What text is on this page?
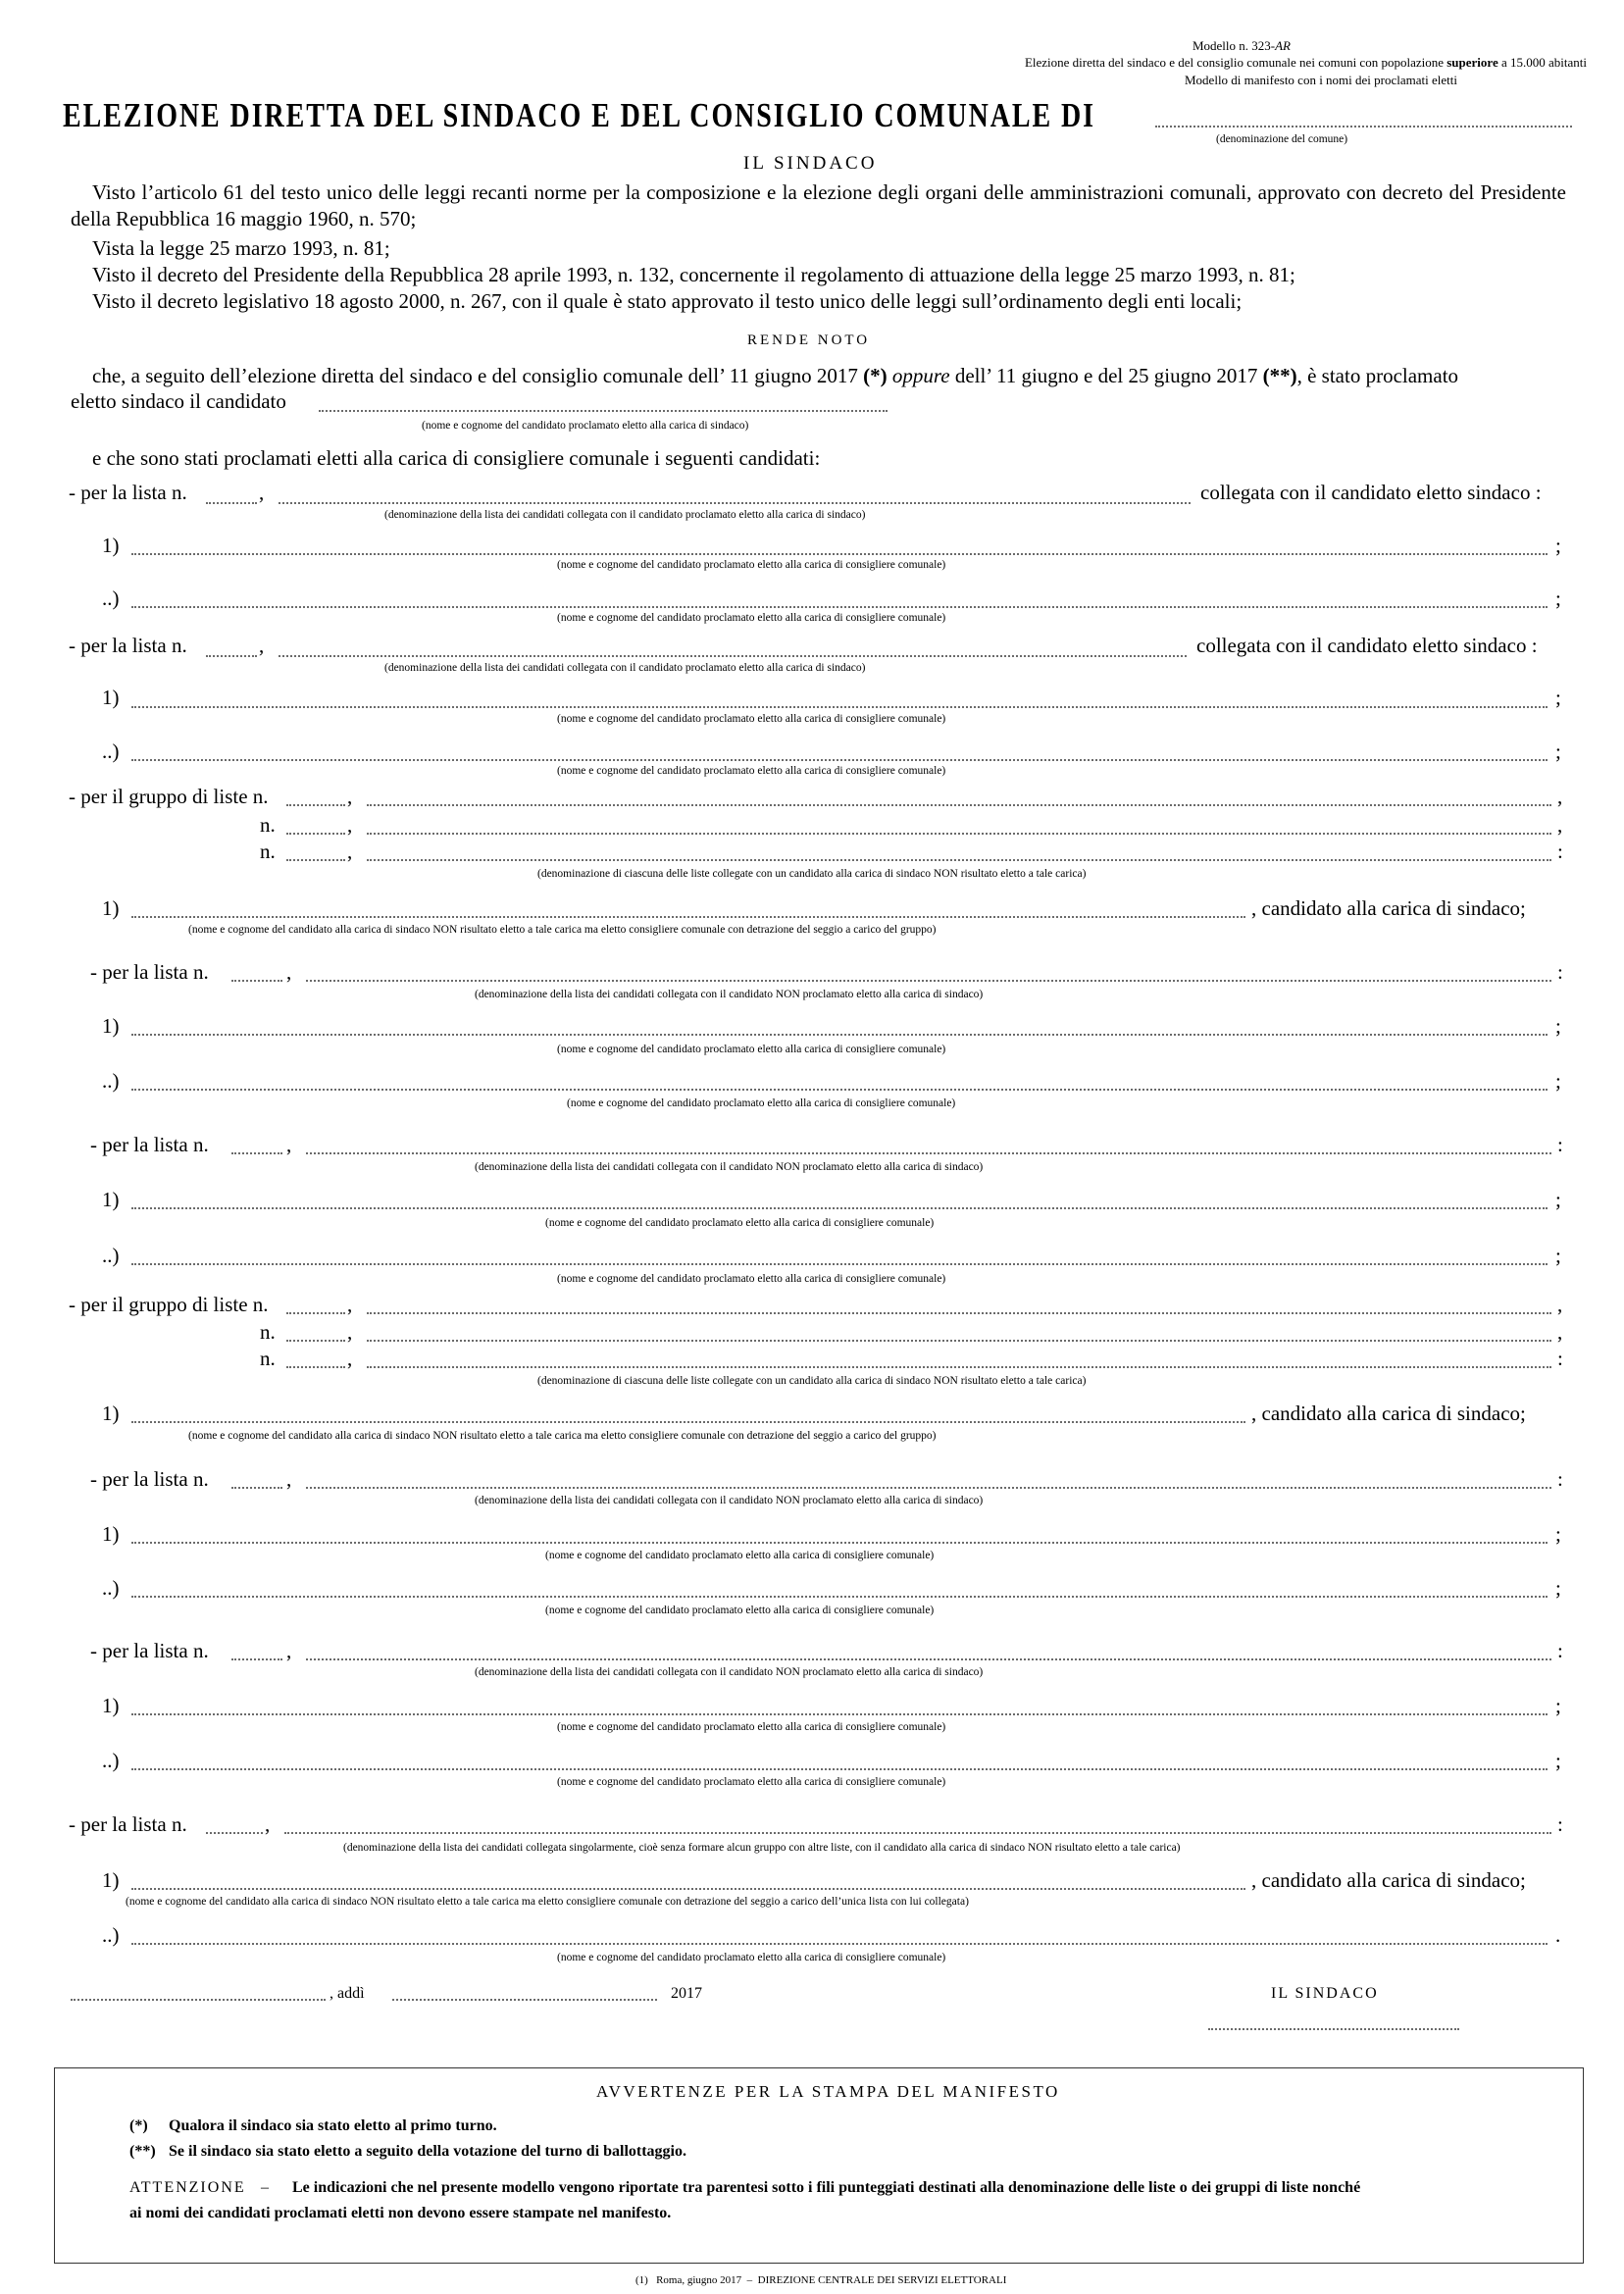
Modello n. 323-AR
Elezione diretta del sindaco e del consiglio comunale nei comuni con popolazione superiore a 15.000 abitanti
Modello di manifesto con i nomi dei proclamati eletti
ELEZIONE DIRETTA DEL SINDACO E DEL CONSIGLIO COMUNALE DI
(denominazione del comune)
IL SINDACO
Visto l’articolo 61 del testo unico delle leggi recanti norme per la composizione e la elezione degli organi delle amministrazioni comunali, approvato con decreto del Presidente della Repubblica 16 maggio 1960, n. 570;
Vista la legge 25 marzo 1993, n. 81;
Visto il decreto del Presidente della Repubblica 28 aprile 1993, n. 132, concernente il regolamento di attuazione della legge 25 marzo 1993, n. 81;
Visto il decreto legislativo 18 agosto 2000, n. 267, con il quale è stato approvato il testo unico delle leggi sull’ordinamento degli enti locali;
RENDE NOTO
che, a seguito dell’elezione diretta del sindaco e del consiglio comunale dell’ 11 giugno 2017 (*) oppure dell’ 11 giugno e del 25 giugno 2017 (**), è stato proclamato
eletto sindaco il candidato
(nome e cognome del candidato proclamato eletto alla carica di sindaco)
e che sono stati proclamati eletti alla carica di consigliere comunale i seguenti candidati:
- per la lista n.	,	collegata con il candidato eletto sindaco :
(denominazione della lista dei candidati collegata con il candidato proclamato eletto alla carica di sindaco)
1)	;
(nome e cognome del candidato proclamato eletto alla carica di consigliere comunale)
..)	;
(nome e cognome del candidato proclamato eletto alla carica di consigliere comunale)
- per la lista n.	,	collegata con il candidato eletto sindaco :
(denominazione della lista dei candidati collegata con il candidato proclamato eletto alla carica di sindaco)
1)	;
(nome e cognome del candidato proclamato eletto alla carica di consigliere comunale)
..)	;
(nome e cognome del candidato proclamato eletto alla carica di consigliere comunale)
- per il gruppo di liste n.	,	,
n.	,	,
n.	,	:
(denominazione di ciascuna delle liste collegate con un candidato alla carica di sindaco NON risultato eletto a tale carica)
1)	, candidato alla carica di sindaco;
(nome e cognome del candidato alla carica di sindaco NON risultato eletto a tale carica ma eletto consigliere comunale con detrazione del seggio a carico del gruppo)
- per la lista n.	,	:
(denominazione della lista dei candidati collegata con il candidato NON proclamato eletto alla carica di sindaco)
1)	;
(nome e cognome del candidato proclamato eletto alla carica di consigliere comunale)
..)	;
(nome e cognome del candidato proclamato eletto alla carica di consigliere comunale)
- per la lista n.	,	:
(denominazione della lista dei candidati collegata con il candidato NON proclamato eletto alla carica di sindaco)
1)	;
(nome e cognome del candidato proclamato eletto alla carica di consigliere comunale)
..)	;
(nome e cognome del candidato proclamato eletto alla carica di consigliere comunale)
- per il gruppo di liste n.	,	,
n.	,	,
n.	,	:
(denominazione di ciascuna delle liste collegate con un candidato alla carica di sindaco NON risultato eletto a tale carica)
1)	, candidato alla carica di sindaco;
(nome e cognome del candidato alla carica di sindaco NON risultato eletto a tale carica ma eletto consigliere comunale con detrazione del seggio a carico del gruppo)
- per la lista n.	,	:
(denominazione della lista dei candidati collegata con il candidato NON proclamato eletto alla carica di sindaco)
1)	;
(nome e cognome del candidato proclamato eletto alla carica di consigliere comunale)
..)	;
(nome e cognome del candidato proclamato eletto alla carica di consigliere comunale)
- per la lista n.	,	:
(denominazione della lista dei candidati collegata con il candidato NON proclamato eletto alla carica di sindaco)
1)	;
(nome e cognome del candidato proclamato eletto alla carica di consigliere comunale)
..)	;
(nome e cognome del candidato proclamato eletto alla carica di consigliere comunale)
- per la lista n.	,	:
(denominazione della lista dei candidati collegata singolarmente, cioè senza formare alcun gruppo con altre liste, con il candidato alla carica di sindaco NON risultato eletto a tale carica)
1)	, candidato alla carica di sindaco;
(nome e cognome del candidato alla carica di sindaco NON risultato eletto a tale carica ma eletto consigliere comunale con detrazione del seggio a carico dell’unica lista con lui collegata)
..)	.
(nome e cognome del candidato proclamato eletto alla carica di consigliere comunale)
, addì	2017	IL SINDACO
AVVERTENZE PER LA STAMPA DEL MANIFESTO
(*) Qualora il sindaco sia stato eletto al primo turno.
(**) Se il sindaco sia stato eletto a seguito della votazione del turno di ballottaggio.
ATTENZIONE – Le indicazioni che nel presente modello vengono riportate tra parentesi sotto i fili punteggiati destinati alla denominazione delle liste o dei gruppi di liste nonché
ai nomi dei candidati proclamati eletti non devono essere stampate nel manifesto.
(1) Roma, giugno 2017 – DIREZIONE CENTRALE DEI SERVIZI ELETTORALI
